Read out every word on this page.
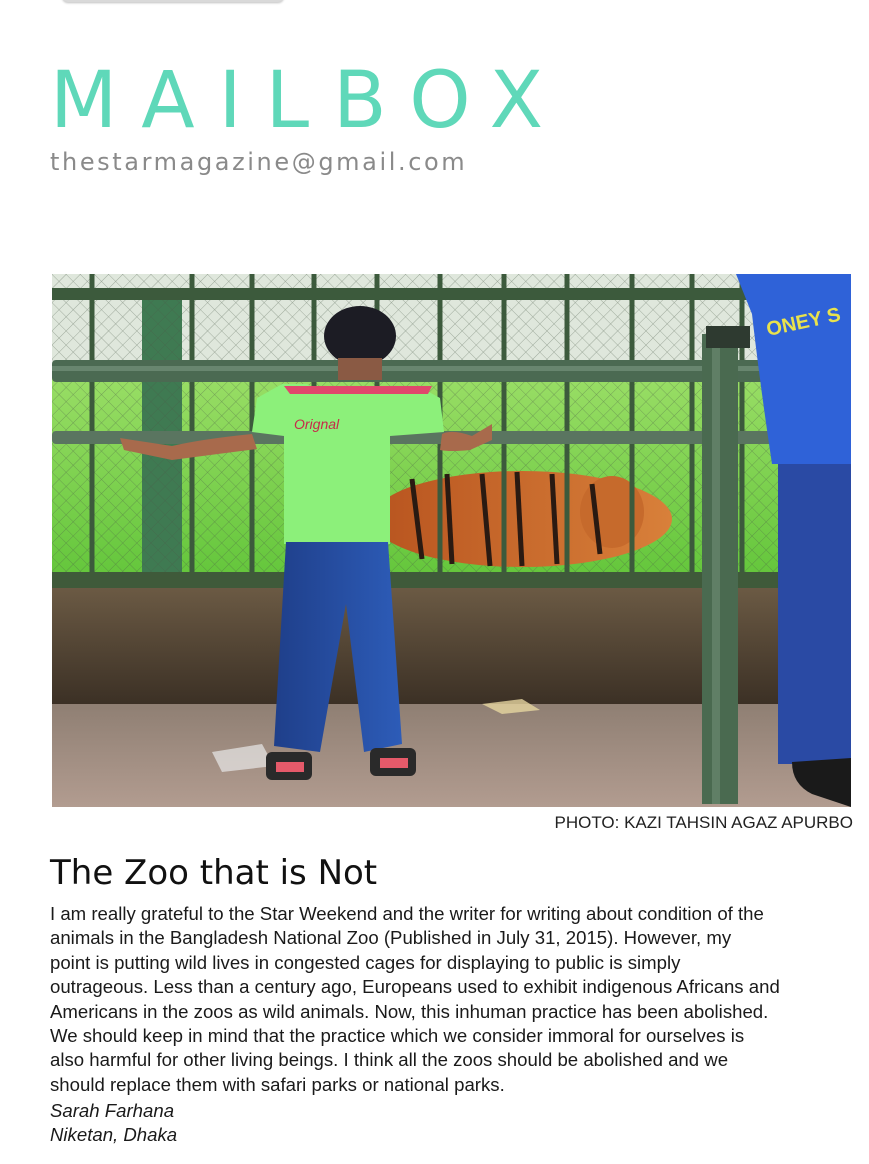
MAILBOX

thestarmagazine@gmail.com

Orignal
ONEY S

PHOTO: KAZI TAHSIN AGAZ APURBO

The Zoo that is Not

I am really grateful to the Star Weekend and the writer for writing about condition of the
animals in the Bangladesh National Zoo (Published in July 31, 2015). However, my
point is putting wild lives in congested cages for displaying to public is simply
outrageous. Less than a century ago, Europeans used to exhibit indigenous Africans and
Americans in the zoos as wild animals. Now, this inhuman practice has been abolished.
We should keep in mind that the practice which we consider immoral for ourselves is
also harmful for other living beings. I think all the zoos should be abolished and we
should replace them with safari parks or national parks.

Sarah Farhana
Niketan, Dhaka
